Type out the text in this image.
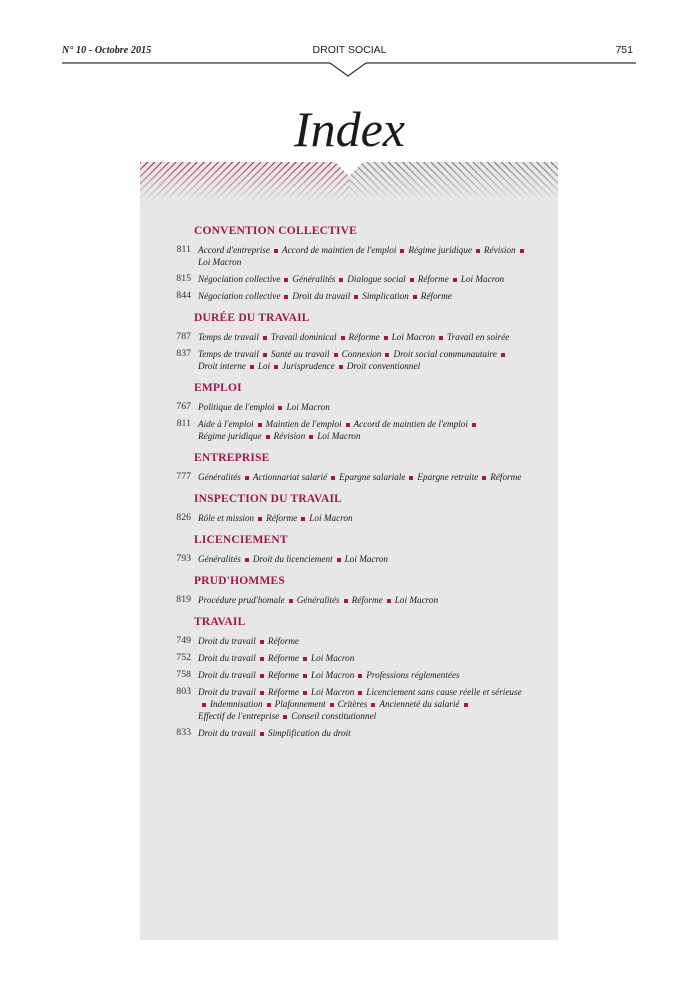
N° 10 - Octobre 2015	DROIT SOCIAL	751
Index
CONVENTION COLLECTIVE
811 Accord d'entreprise Accord de maintien de l'emploi Régime juridique Révision
Loi Macron
815 Négociation collective Généralités Dialogue social Réforme Loi Macron
844 Négociation collective Droit du travail Simplication Réforme
DURÉE DU TRAVAIL
787 Temps de travail Travail dominical Réforme Loi Macron Travail en soirée
837 Temps de travail Santé au travail Connexion Droit social communautaire
Droit interne Loi Jurisprudence Droit conventionnel
EMPLOI
767 Politique de l'emploi Loi Macron
811 Aide à l'emploi Maintien de l'emploi Accord de maintien de l'emploi
Régime juridique Révision Loi Macron
ENTREPRISE
777 Généralités Actionnariat salarié Epargne salariale Epargne retraite Réforme
INSPECTION DU TRAVAIL
826 Rôle et mission Réforme Loi Macron
LICENCIEMENT
793 Généralités Droit du licenciement Loi Macron
PRUD'HOMMES
819 Procédure prud'homale Généralités Réforme Loi Macron
TRAVAIL
749 Droit du travail Réforme
752 Droit du travail Réforme Loi Macron
758 Droit du travail Réforme Loi Macron Professions réglementées
803 Droit du travail Réforme Loi Macron Licenciement sans cause réelle et sérieuse
Indemnisation Plafonnement Critères Ancienneté du salarié
Effectif de l'entreprise Conseil constitutionnel
833 Droit du travail Simplification du droit
